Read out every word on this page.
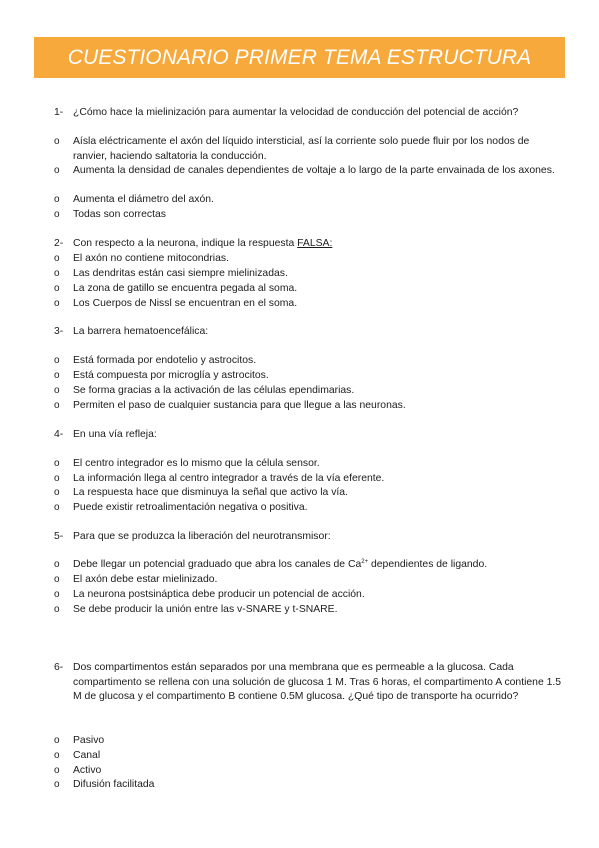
CUESTIONARIO PRIMER TEMA ESTRUCTURA
1- ¿Cómo hace la mielinización para aumentar la velocidad de conducción del potencial de acción?
o Aísla eléctricamente el axón del líquido intersticial, así la corriente solo puede fluir por los nodos de ranvier, haciendo saltatoria la conducción.
o Aumenta la densidad de canales dependientes de voltaje a lo largo de la parte envainada de los axones.
o Aumenta el diámetro del axón.
o Todas son correctas
2- Con respecto a la neurona, indique la respuesta FALSA:
o El axón no contiene mitocondrias.
o Las dendritas están casi siempre mielinizadas.
o La zona de gatillo se encuentra pegada al soma.
o Los Cuerpos de Nissl se encuentran en el soma.
3- La barrera hematoencefálica:
o Está formada por endotelio y astrocitos.
o Está compuesta por microglía y astrocitos.
o Se forma gracias a la activación de las células ependimarias.
o Permiten el paso de cualquier sustancia para que llegue a las neuronas.
4- En una vía refleja:
o El centro integrador es lo mismo que la célula sensor.
o La información llega al centro integrador a través de la vía eferente.
o La respuesta hace que disminuya la señal que activo la vía.
o Puede existir retroalimentación negativa o positiva.
5- Para que se produzca la liberación del neurotransmisor:
o Debe llegar un potencial graduado que abra los canales de $Ca^{2+}$ dependientes de ligando.
o El axón debe estar mielinizado.
o La neurona postsináptica debe producir un potencial de acción.
o Se debe producir la unión entre las v-SNARE y t-SNARE.
6- Dos compartimentos están separados por una membrana que es permeable a la glucosa. Cada compartimento se rellena con una solución de glucosa 1 M. Tras 6 horas, el compartimento A contiene 1.5 M de glucosa y el compartimento B contiene 0.5M glucosa. ¿Qué tipo de transporte ha ocurrido?
o Pasivo
o Canal
o Activo
o Difusión facilitada
